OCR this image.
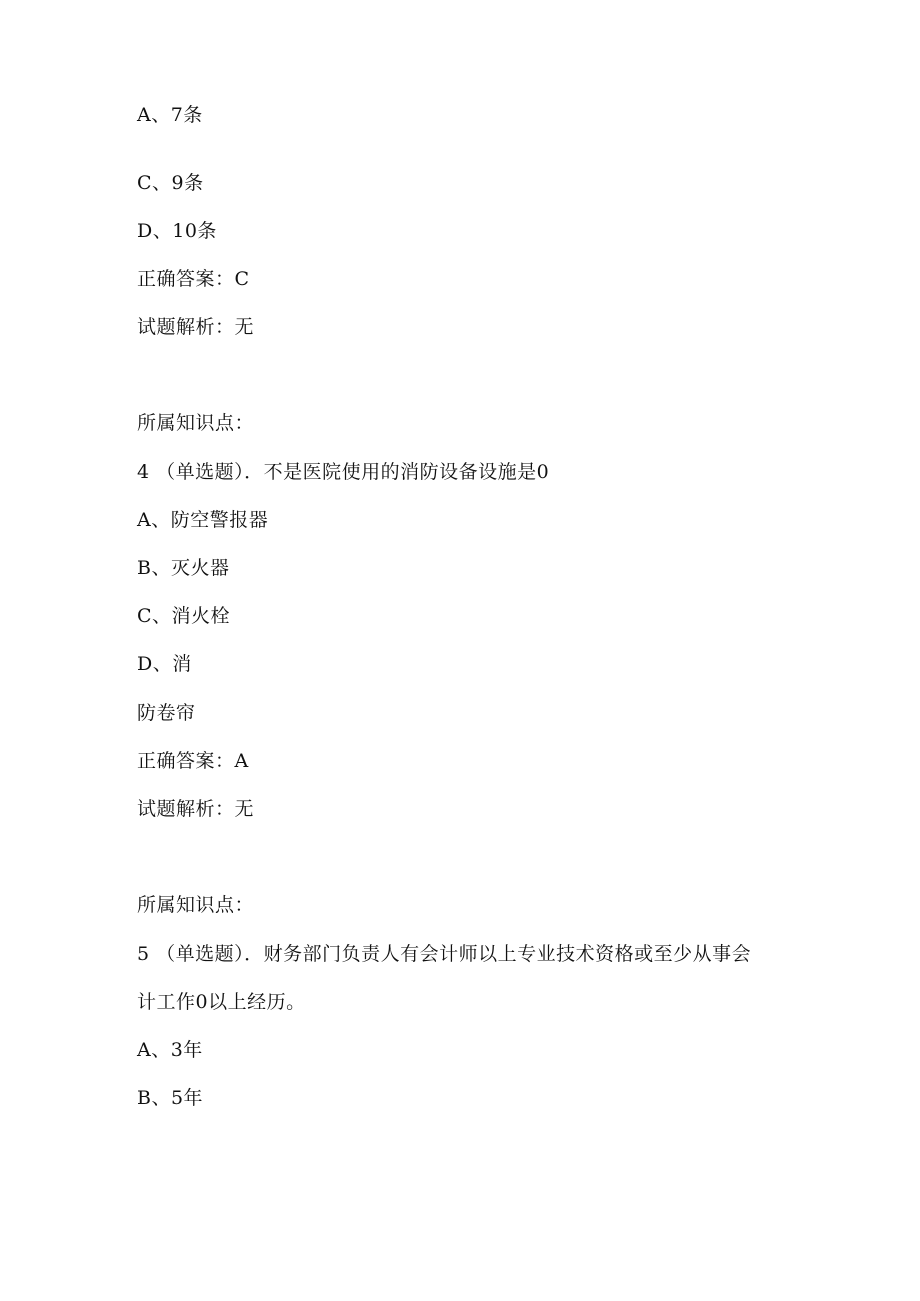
A、7条
C、9条
D、10条
正确答案：C
试题解析：无
所属知识点：
4 （单选题）．不是医院使用的消防设备设施是0
A、防空警报器
B、灭火器
C、消火栓
D、消
防卷帘
正确答案：A
试题解析：无
所属知识点：
5 （单选题）．财务部门负责人有会计师以上专业技术资格或至少从事会
计工作0以上经历。
A、3年
B、5年
